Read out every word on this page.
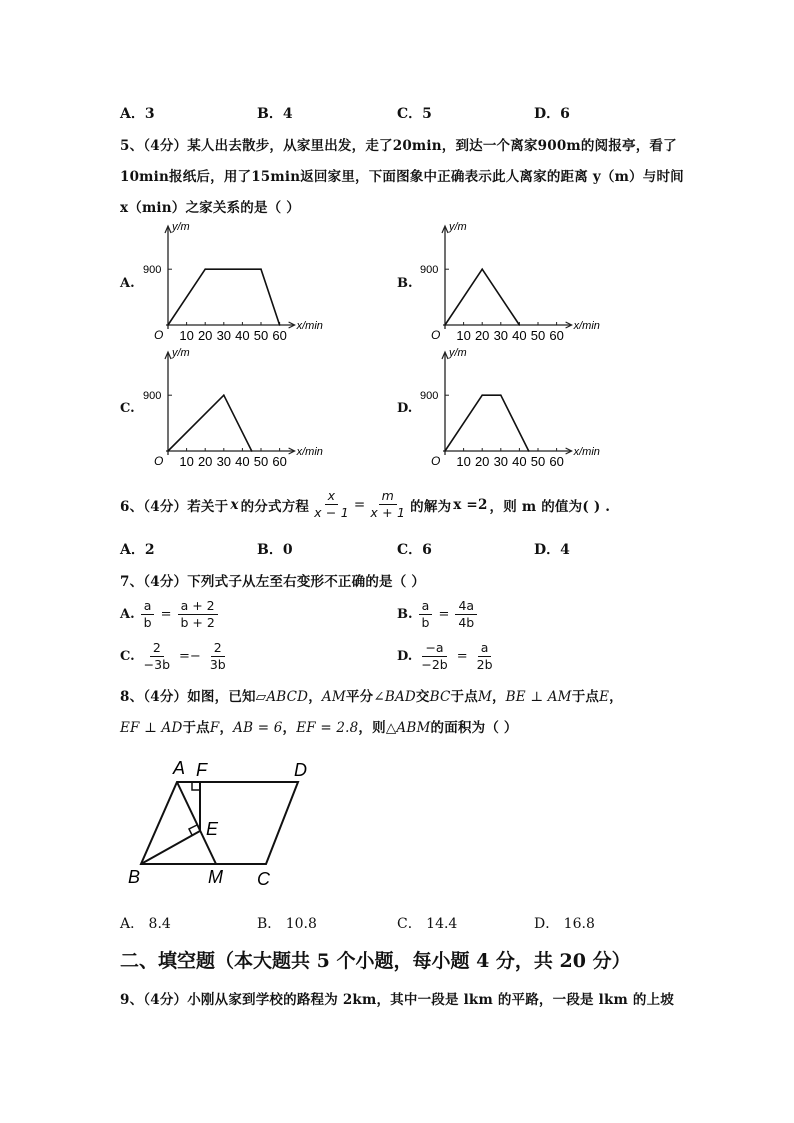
A．3	B．4	C．5	D．6
5、（4分）某人出去散步，从家里出发，走了20min，到达一个离家900m的阅报亭，看了
10min报纸后，用了15min返回家里，下面图象中正确表示此人离家的距离 y（m）与时间
x（min）之家关系的是（ ）
A.	B.
C.	D.
y/m
x/min
O
900
10 20 30 40 50 60
y/m
x/min
O
900
10 20 30 40 50 60
y/m
x/min
O
900
10 20 30 40 50 60
y/m
x/min
O
900
10 20 30 40 50 60
6、（4分）若关于 x 的分式方程 $\frac{x}{x - 1} = \frac{m}{x + 1}$ 的解为 x =2 ，则 m 的值为( ) .
A．2	B．0	C．6	D．4
7、（4分）下列式子从左至右变形不正确的是（ ）
A. $\frac{a}{b} = \frac{a + 2}{b + 2}$	B. $\frac{a}{b} = \frac{4a}{4b}$
C. $\frac{2}{-3b} =- \frac{2}{3b}$	D. $\frac{-a}{-2b} = \frac{a}{2b}$
8、（4分）如图，已知▱ABCD，AM平分∠BAD交BC于点M，BE ⊥ AM于点E，
EF ⊥ AD于点F，AB = 6，EF = 2.8，则△ABM的面积为（ ）
A F	D
E
B	M C
A． 8.4	B． 10.8	C． 14.4	D． 16.8
二、填空题（本大题共 5 个小题，每小题 4 分，共 20 分）
9、（4分）小刚从家到学校的路程为 2km，其中一段是 lkm 的平路，一段是 lkm 的上坡
